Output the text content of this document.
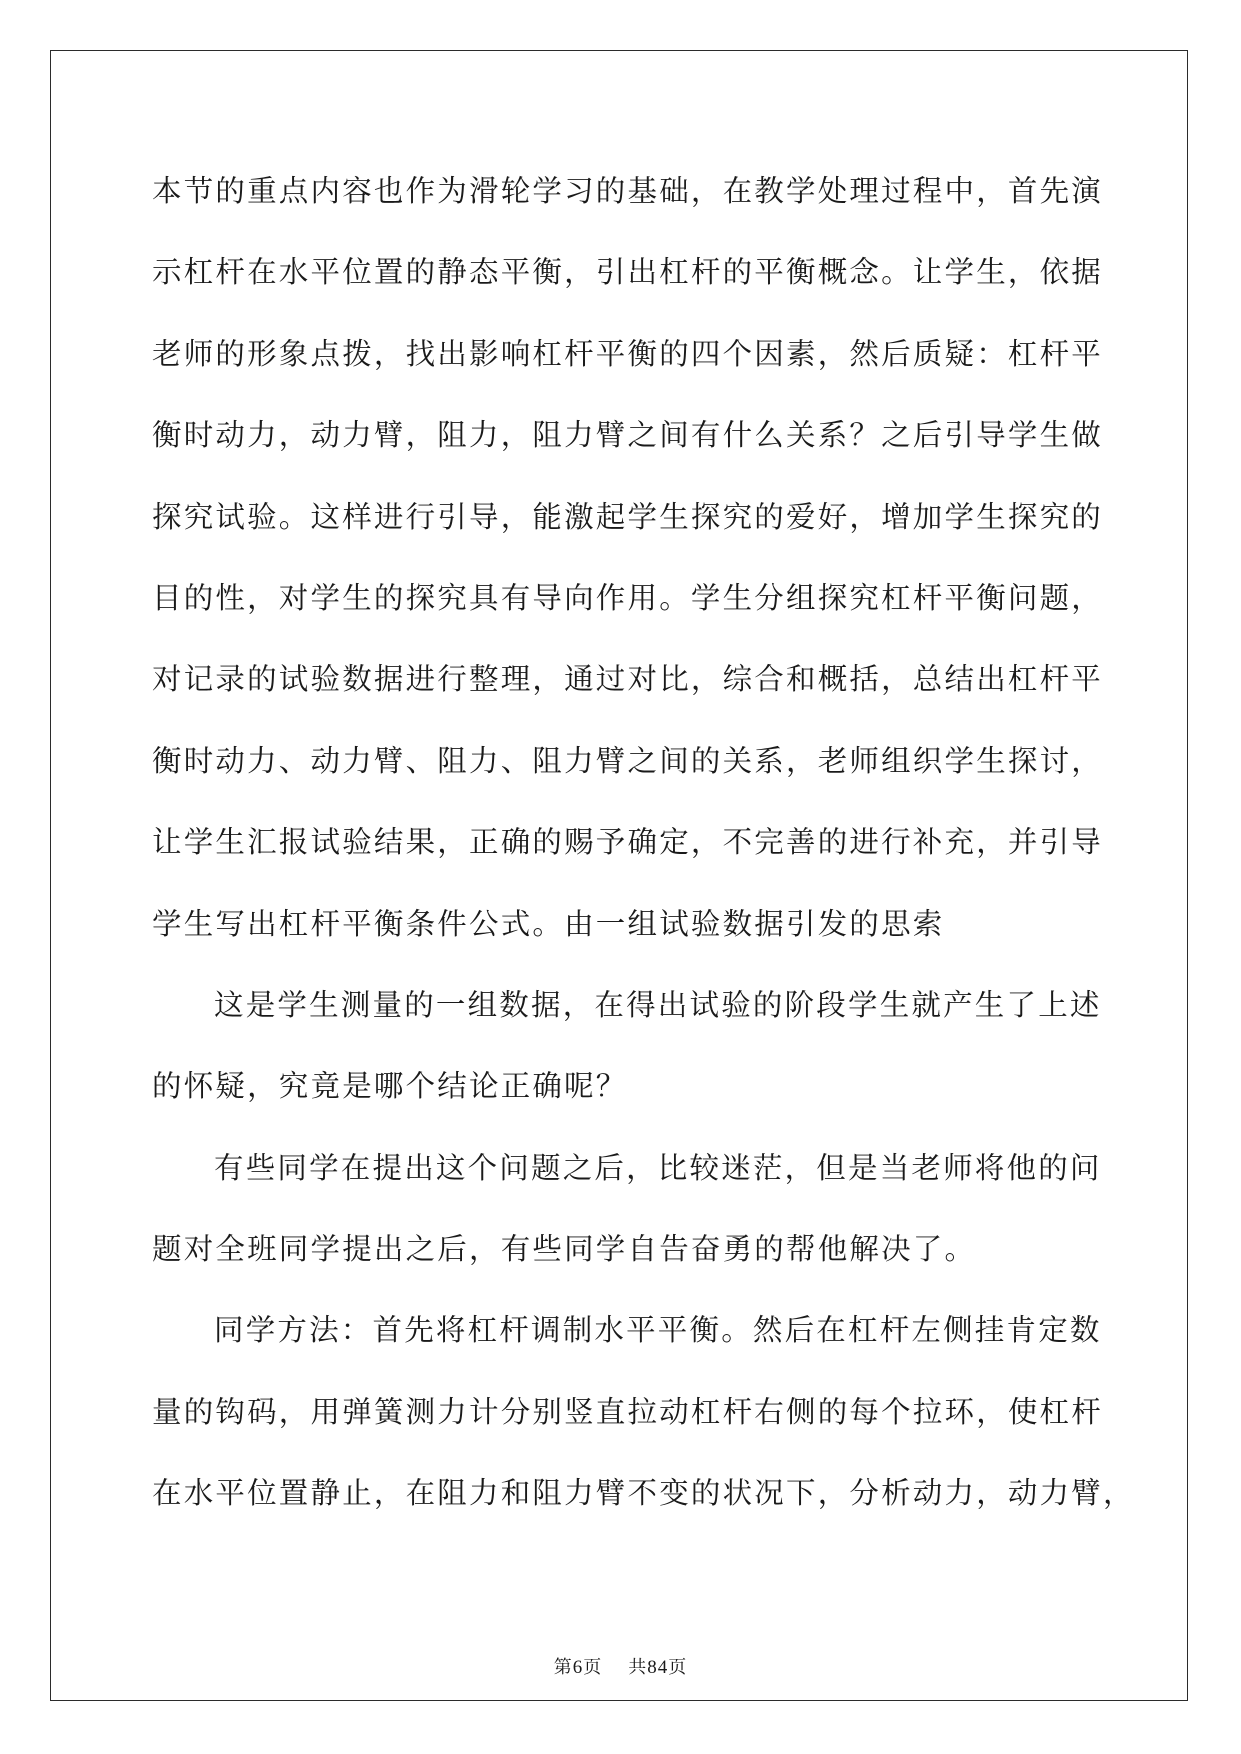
本节的重点内容也作为滑轮学习的基础，在教学处理过程中，首先演
示杠杆在水平位置的静态平衡，引出杠杆的平衡概念。让学生，依据
老师的形象点拨，找出影响杠杆平衡的四个因素，然后质疑：杠杆平
衡时动力，动力臂，阻力，阻力臂之间有什么关系？之后引导学生做
探究试验。这样进行引导，能激起学生探究的爱好，增加学生探究的
目的性，对学生的探究具有导向作用。学生分组探究杠杆平衡问题，
对记录的试验数据进行整理，通过对比，综合和概括，总结出杠杆平
衡时动力、动力臂、阻力、阻力臂之间的关系，老师组织学生探讨，
让学生汇报试验结果，正确的赐予确定，不完善的进行补充，并引导
学生写出杠杆平衡条件公式。由一组试验数据引发的思索
这是学生测量的一组数据，在得出试验的阶段学生就产生了上述
的怀疑，究竟是哪个结论正确呢？
有些同学在提出这个问题之后，比较迷茫，但是当老师将他的问
题对全班同学提出之后，有些同学自告奋勇的帮他解决了。
同学方法：首先将杠杆调制水平平衡。然后在杠杆左侧挂肯定数
量的钩码，用弹簧测力计分别竖直拉动杠杆右侧的每个拉环，使杠杆
在水平位置静止，在阻力和阻力臂不变的状况下，分析动力，动力臂，
第6页 共84页
